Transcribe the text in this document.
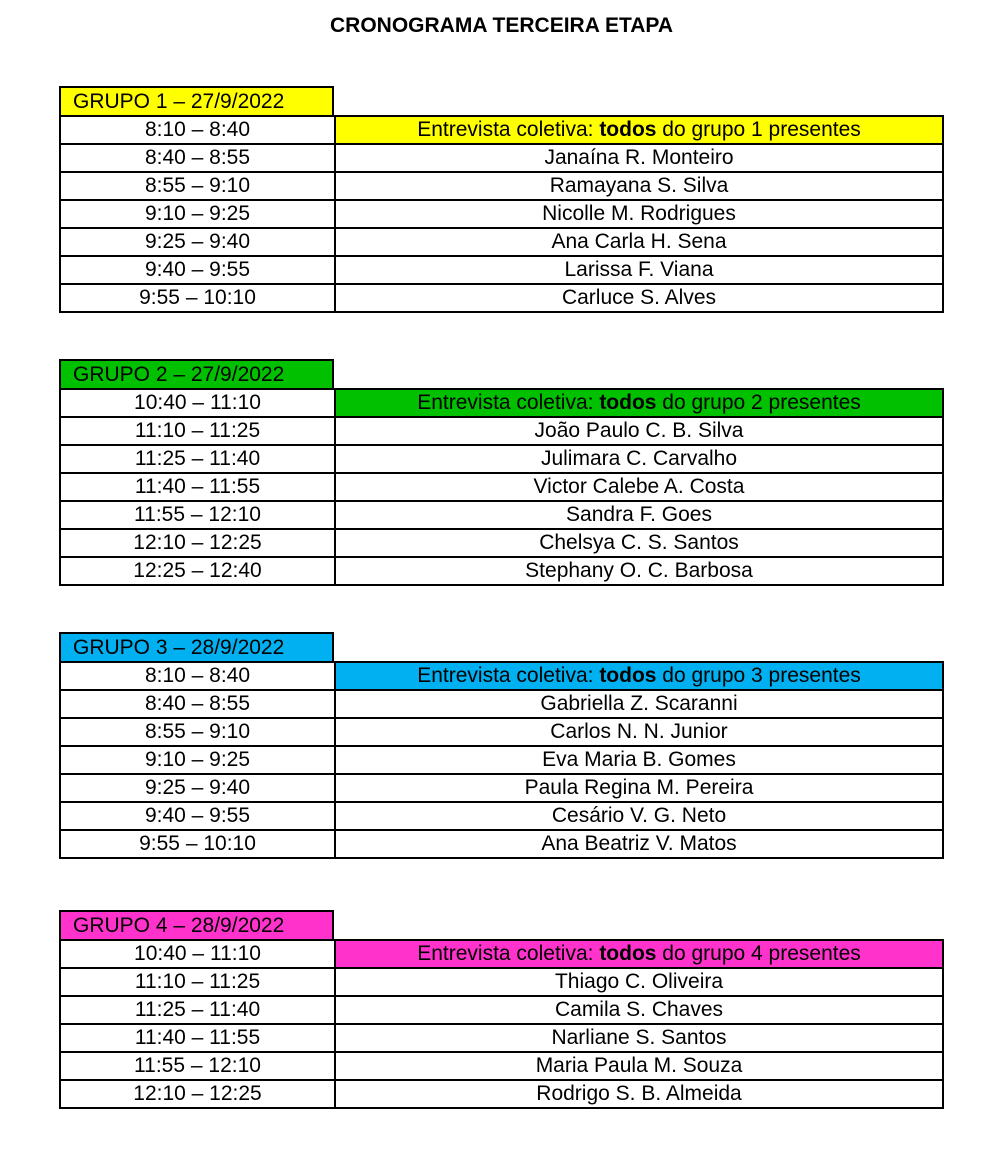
CRONOGRAMA TERCEIRA ETAPA
GRUPO 1 – 27/9/2022
8:10 – 8:40	Entrevista coletiva: todos do grupo 1 presentes
8:40 – 8:55	Janaína R. Monteiro
8:55 – 9:10	Ramayana S. Silva
9:10 – 9:25	Nicolle M. Rodrigues
9:25 – 9:40	Ana Carla H. Sena
9:40 – 9:55	Larissa F. Viana
9:55 – 10:10	Carluce S. Alves
GRUPO 2 – 27/9/2022
10:40 – 11:10	Entrevista coletiva: todos do grupo 2 presentes
11:10 – 11:25	João Paulo C. B. Silva
11:25 – 11:40	Julimara C. Carvalho
11:40 – 11:55	Victor Calebe A. Costa
11:55 – 12:10	Sandra F. Goes
12:10 – 12:25	Chelsya C. S. Santos
12:25 – 12:40	Stephany O. C. Barbosa
GRUPO 3 – 28/9/2022
8:10 – 8:40	Entrevista coletiva: todos do grupo 3 presentes
8:40 – 8:55	Gabriella Z. Scaranni
8:55 – 9:10	Carlos N. N. Junior
9:10 – 9:25	Eva Maria B. Gomes
9:25 – 9:40	Paula Regina M. Pereira
9:40 – 9:55	Cesário V. G. Neto
9:55 – 10:10	Ana Beatriz V. Matos
GRUPO 4 – 28/9/2022
10:40 – 11:10	Entrevista coletiva: todos do grupo 4 presentes
11:10 – 11:25	Thiago C. Oliveira
11:25 – 11:40	Camila S. Chaves
11:40 – 11:55	Narliane S. Santos
11:55 – 12:10	Maria Paula M. Souza
12:10 – 12:25	Rodrigo S. B. Almeida
